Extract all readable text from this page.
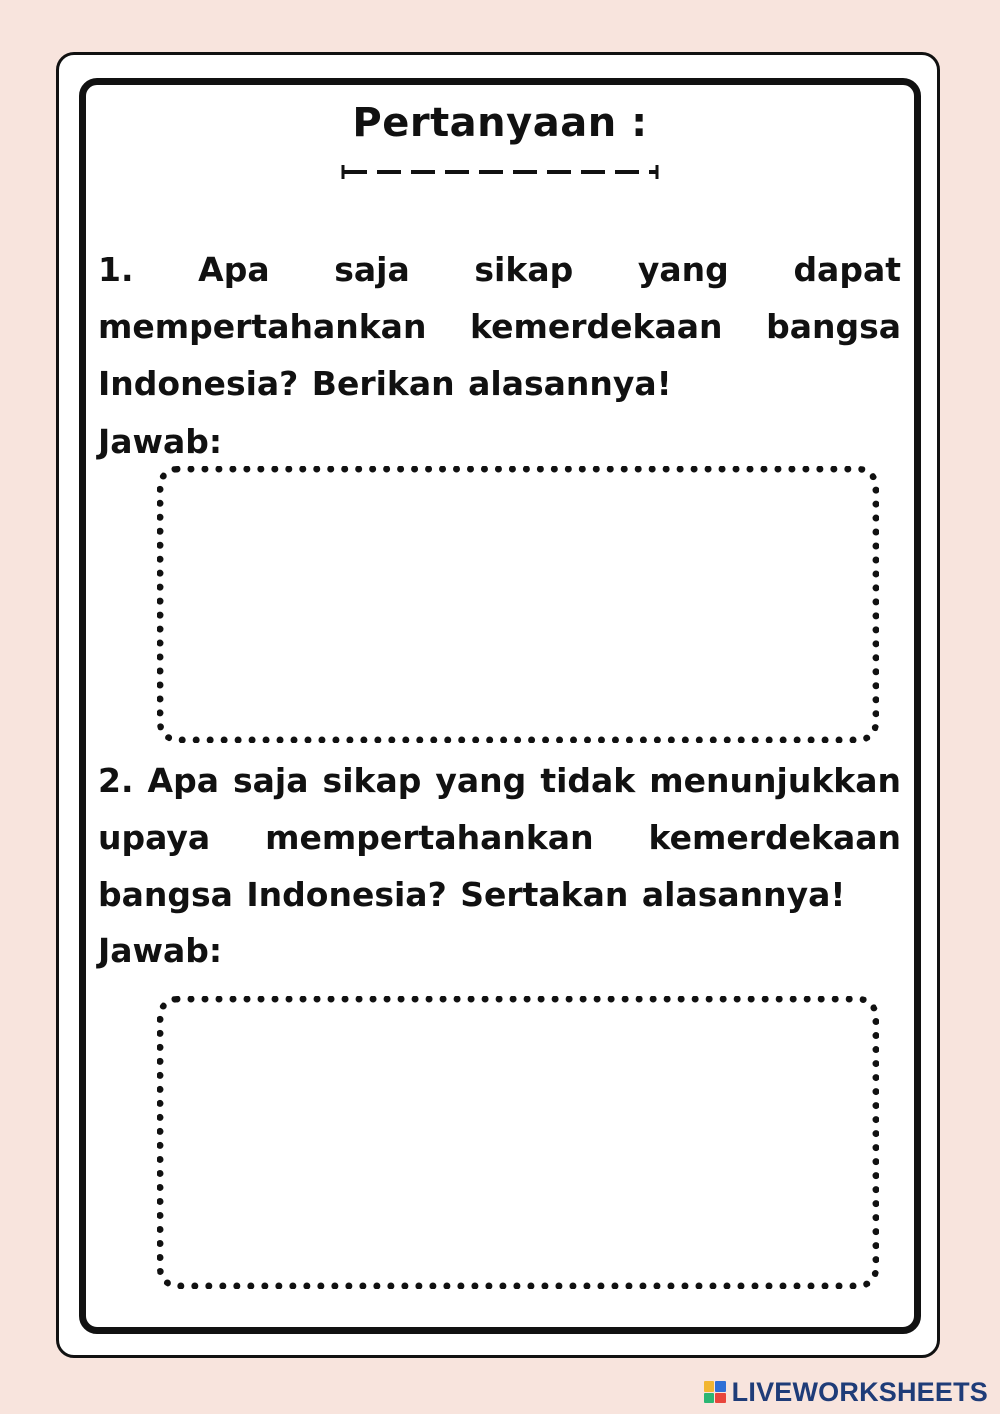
Pertanyaan :

1. Apa saja sikap yang dapat mempertahankan kemerdekaan bangsa Indonesia? Berikan alasannya!

Jawab:

2. Apa saja sikap yang tidak menunjukkan upaya mempertahankan kemerdekaan bangsa Indonesia? Sertakan alasannya!

Jawab:
LIVEWORKSHEETS
